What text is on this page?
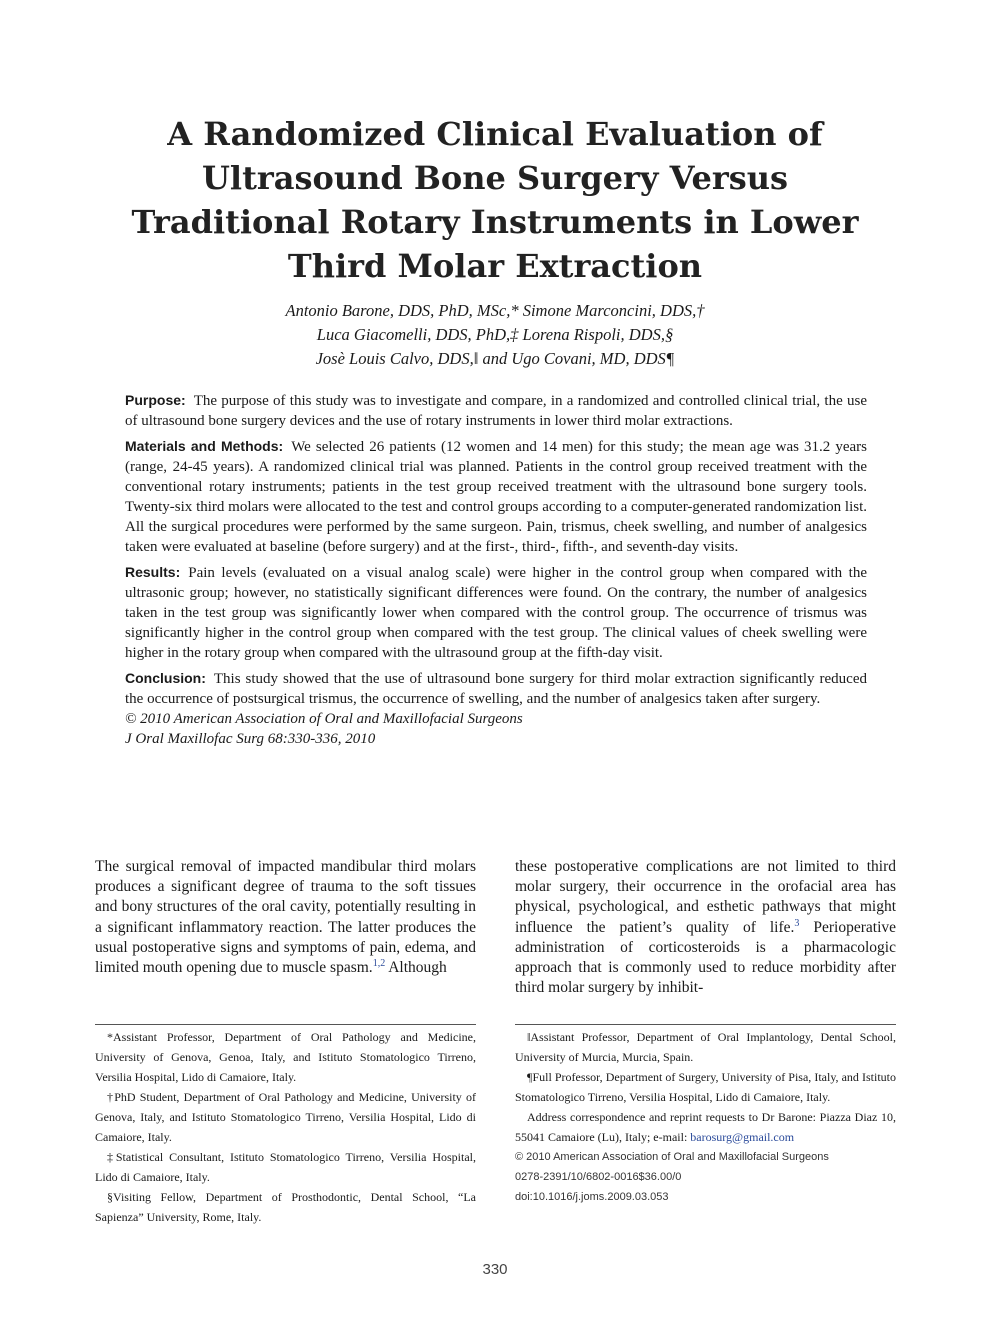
A Randomized Clinical Evaluation of
Ultrasound Bone Surgery Versus
Traditional Rotary Instruments in Lower
Third Molar Extraction
Antonio Barone, DDS, PhD, MSc,* Simone Marconcini, DDS,†
Luca Giacomelli, DDS, PhD,‡ Lorena Rispoli, DDS,§
Josè Louis Calvo, DDS,‖ and Ugo Covani, MD, DDS¶

Purpose: The purpose of this study was to investigate and compare, in a randomized and controlled clinical trial, the use of ultrasound bone surgery devices and the use of rotary instruments in lower third molar extractions.

Materials and Methods: We selected 26 patients (12 women and 14 men) for this study; the mean age was 31.2 years (range, 24-45 years). A randomized clinical trial was planned. Patients in the control group received treatment with the conventional rotary instruments; patients in the test group received treatment with the ultrasound bone surgery tools. Twenty-six third molars were allocated to the test and control groups according to a computer-generated randomization list. All the surgical procedures were performed by the same surgeon. Pain, trismus, cheek swelling, and number of analgesics taken were evaluated at baseline (before surgery) and at the first-, third-, fifth-, and seventh-day visits.

Results: Pain levels (evaluated on a visual analog scale) were higher in the control group when compared with the ultrasonic group; however, no statistically significant differences were found. On the contrary, the number of analgesics taken in the test group was significantly lower when compared with the control group. The occurrence of trismus was significantly higher in the control group when compared with the test group. The clinical values of cheek swelling were higher in the rotary group when compared with the ultrasound group at the fifth-day visit.

Conclusion: This study showed that the use of ultrasound bone surgery for third molar extraction significantly reduced the occurrence of postsurgical trismus, the occurrence of swelling, and the number of analgesics taken after surgery.

© 2010 American Association of Oral and Maxillofacial Surgeons

J Oral Maxillofac Surg 68:330-336, 2010

The surgical removal of impacted mandibular third molars produces a significant degree of trauma to the soft tissues and bony structures of the oral cavity, potentially resulting in a significant inflammatory reaction. The latter produces the usual postoperative signs and symptoms of pain, edema, and limited mouth opening due to muscle spasm.$^{1,2}$ Although
these postoperative complications are not limited to third molar surgery, their occurrence in the orofacial area has physical, psychological, and esthetic pathways that might influence the patient’s quality of life.$^3$ Perioperative administration of corticosteroids is a pharmacologic approach that is commonly used to reduce morbidity after third molar surgery by inhibit-

*Assistant Professor, Department of Oral Pathology and Medicine, University of Genova, Genoa, Italy, and Istituto Stomatologico Tirreno, Versilia Hospital, Lido di Camaiore, Italy.

†PhD Student, Department of Oral Pathology and Medicine, University of Genova, Italy, and Istituto Stomatologico Tirreno, Versilia Hospital, Lido di Camaiore, Italy.

‡Statistical Consultant, Istituto Stomatologico Tirreno, Versilia Hospital, Lido di Camaiore, Italy.

§Visiting Fellow, Department of Prosthodontic, Dental School, “La Sapienza” University, Rome, Italy.

‖Assistant Professor, Department of Oral Implantology, Dental School, University of Murcia, Murcia, Spain.

¶Full Professor, Department of Surgery, University of Pisa, Italy, and Istituto Stomatologico Tirreno, Versilia Hospital, Lido di Camaiore, Italy.

Address correspondence and reprint requests to Dr Barone: Piazza Diaz 10, 55041 Camaiore (Lu), Italy; e-mail: barosurg@gmail.com

© 2010 American Association of Oral and Maxillofacial Surgeons

0278-2391/10/6802-0016$36.00/0

doi:10.1016/j.joms.2009.03.053

330
